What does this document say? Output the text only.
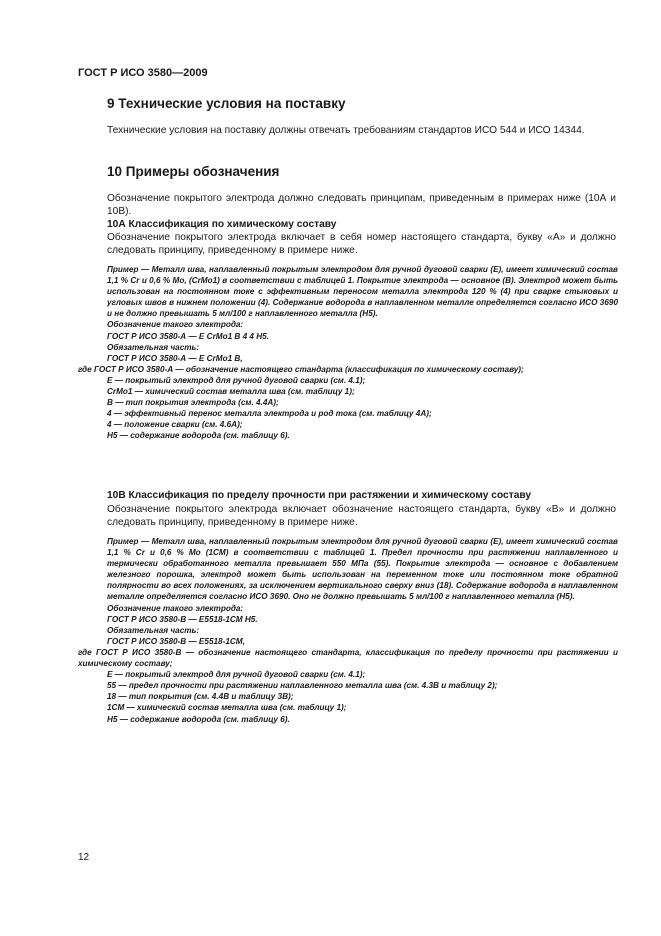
ГОСТ Р ИСО 3580—2009
9 Технические условия на поставку
Технические условия на поставку должны отвечать требованиям стандартов ИСО 544 и ИСО 14344.
10 Примеры обозначения
Обозначение покрытого электрода должно следовать принципам, приведенным в примерах ниже (10А и 10В).
10А Классификация по химическому составу
Обозначение покрытого электрода включает в себя номер настоящего стандарта, букву «А» и должно следовать принципу, приведенному в примере ниже.
Пример — Металл шва, наплавленный покрытым электродом для ручной дуговой сварки (Е), имеет химический состав 1,1 % Cr и 0,6 % Mo, (CrMo1) в соответствии с таблицей 1. Покрытие электрода — основное (В). Электрод может быть использован на постоянном токе с эффективным переносом металла электрода 120 % (4) при сварке стыковых и угловых швов в нижнем положении (4). Содержание водорода в наплавленном металле определяется согласно ИСО 3690 и не должно превышать 5 мл/100 г наплавленного металла (Н5).
Обозначение такого электрода:
ГОСТ Р ИСО 3580-А — Е CrMo1 В 4 4 Н5.
Обязательная часть:
ГОСТ Р ИСО 3580-А — Е CrMo1 В,
где ГОСТ Р ИСО 3580-А — обозначение настоящего стандарта (классификация по химическому составу);
Е — покрытый электрод для ручной дуговой сварки (см. 4.1);
CrMo1 — химический состав металла шва (см. таблицу 1);
В — тип покрытия электрода (см. 4.4А);
4 — эффективный перенос металла электрода и род тока (см. таблицу 4А);
4 — положение сварки (см. 4.6А);
Н5 — содержание водорода (см. таблицу 6).
10В Классификация по пределу прочности при растяжении и химическому составу
Обозначение покрытого электрода включает обозначение настоящего стандарта, букву «В» и должно следовать принципу, приведенному в примере ниже.
Пример — Металл шва, наплавленный покрытым электродом для ручной дуговой сварки (Е), имеет химический состав 1,1 % Cr и 0,6 % Mo (1CM) в соответствии с таблицей 1. Предел прочности при растяжении наплавленного и термически обработанного металла превышает 550 МПа (55). Покрытие электрода — основное с добавлением железного порошка, электрод может быть использован на переменном токе или постоянном токе обратной полярности во всех положениях, за исключением вертикального сверху вниз (18). Содержание водорода в наплавленном металле определяется согласно ИСО 3690. Оно не должно превышать 5 мл/100 г наплавленного металла (Н5).
Обозначение такого электрода:
ГОСТ Р ИСО 3580-В — Е5518-1CM Н5.
Обязательная часть:
ГОСТ Р ИСО 3580-В — Е5518-1CM,
где ГОСТ Р ИСО 3580-В — обозначение настоящего стандарта, классификация по пределу прочности при растяжении и химическому составу;
Е — покрытый электрод для ручной дуговой сварки (см. 4.1);
55 — предел прочности при растяжении наплавленного металла шва (см. 4.3В и таблицу 2);
18 — тип покрытия (см. 4.4В и таблицу 3В);
1CM — химический состав металла шва (см. таблицу 1);
Н5 — содержание водорода (см. таблицу 6).
12
